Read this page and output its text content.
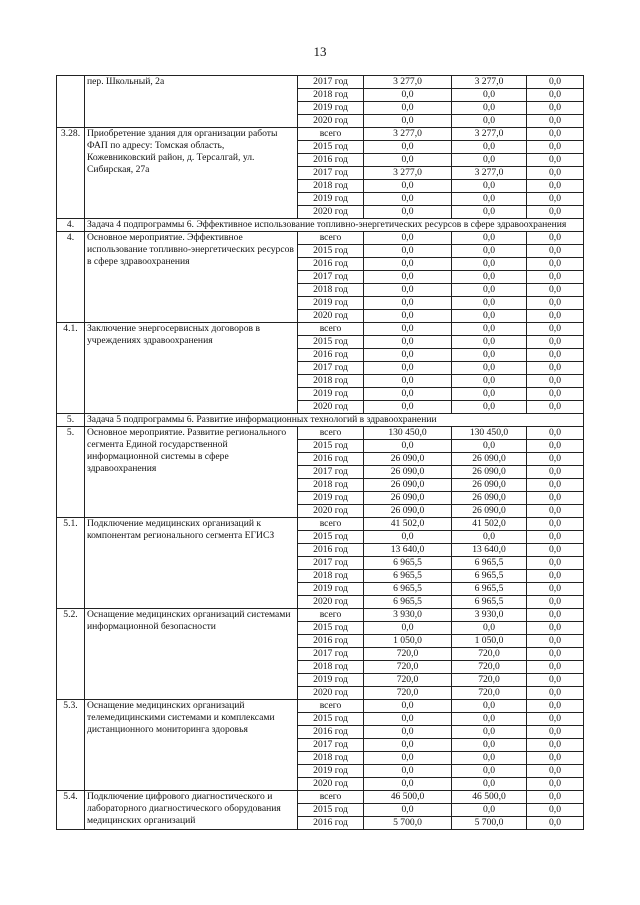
13
	пер. Школьный, 2а	2017 год	3 277,0	3 277,0	0,0
		2018 год	0,0	0,0	0,0
		2019 год	0,0	0,0	0,0
		2020 год	0,0	0,0	0,0
3.28.	Приобретение здания для организации работы ФАП по адресу: Томская область, Кожевниковский район, д. Терсалгай, ул. Сибирская, 27а	всего	3 277,0	3 277,0	0,0
		2015 год	0,0	0,0	0,0
		2016 год	0,0	0,0	0,0
		2017 год	3 277,0	3 277,0	0,0
		2018 год	0,0	0,0	0,0
		2019 год	0,0	0,0	0,0
		2020 год	0,0	0,0	0,0
4.	Задача 4 подпрограммы 6. Эффективное использование топливно-энергетических ресурсов в сфере здравоохранения				
4.	Основное мероприятие. Эффективное использование топливно-энергетических ресурсов в сфере здравоохранения	всего	0,0	0,0	0,0
		2015 год	0,0	0,0	0,0
		2016 год	0,0	0,0	0,0
		2017 год	0,0	0,0	0,0
		2018 год	0,0	0,0	0,0
		2019 год	0,0	0,0	0,0
		2020 год	0,0	0,0	0,0
4.1.	Заключение энергосервисных договоров в учреждениях здравоохранения	всего	0,0	0,0	0,0
		2015 год	0,0	0,0	0,0
		2016 год	0,0	0,0	0,0
		2017 год	0,0	0,0	0,0
		2018 год	0,0	0,0	0,0
		2019 год	0,0	0,0	0,0
		2020 год	0,0	0,0	0,0
5.	Задача 5 подпрограммы 6. Развитие информационных технологий в здравоохранении				
5.	Основное мероприятие. Развитие регионального сегмента Единой государственной информационной системы в сфере здравоохранения	всего	130 450,0	130 450,0	0,0
		2015 год	0,0	0,0	0,0
		2016 год	26 090,0	26 090,0	0,0
		2017 год	26 090,0	26 090,0	0,0
		2018 год	26 090,0	26 090,0	0,0
		2019 год	26 090,0	26 090,0	0,0
		2020 год	26 090,0	26 090,0	0,0
5.1.	Подключение медицинских организаций к компонентам регионального сегмента ЕГИСЗ	всего	41 502,0	41 502,0	0,0
		2015 год	0,0	0,0	0,0
		2016 год	13 640,0	13 640,0	0,0
		2017 год	6 965,5	6 965,5	0,0
		2018 год	6 965,5	6 965,5	0,0
		2019 год	6 965,5	6 965,5	0,0
		2020 год	6 965,5	6 965,5	0,0
5.2.	Оснащение медицинских организаций системами информационной безопасности	всего	3 930,0	3 930,0	0,0
		2015 год	0,0	0,0	0,0
		2016 год	1 050,0	1 050,0	0,0
		2017 год	720,0	720,0	0,0
		2018 год	720,0	720,0	0,0
		2019 год	720,0	720,0	0,0
		2020 год	720,0	720,0	0,0
5.3.	Оснащение медицинских организаций телемедицинскими системами и комплексами дистанционного мониторинга здоровья	всего	0,0	0,0	0,0
		2015 год	0,0	0,0	0,0
		2016 год	0,0	0,0	0,0
		2017 год	0,0	0,0	0,0
		2018 год	0,0	0,0	0,0
		2019 год	0,0	0,0	0,0
		2020 год	0,0	0,0	0,0
5.4.	Подключение цифрового диагностического и лабораторного диагностического оборудования медицинских организаций	всего	46 500,0	46 500,0	0,0
		2015 год	0,0	0,0	0,0
		2016 год	5 700,0	5 700,0	0,0
